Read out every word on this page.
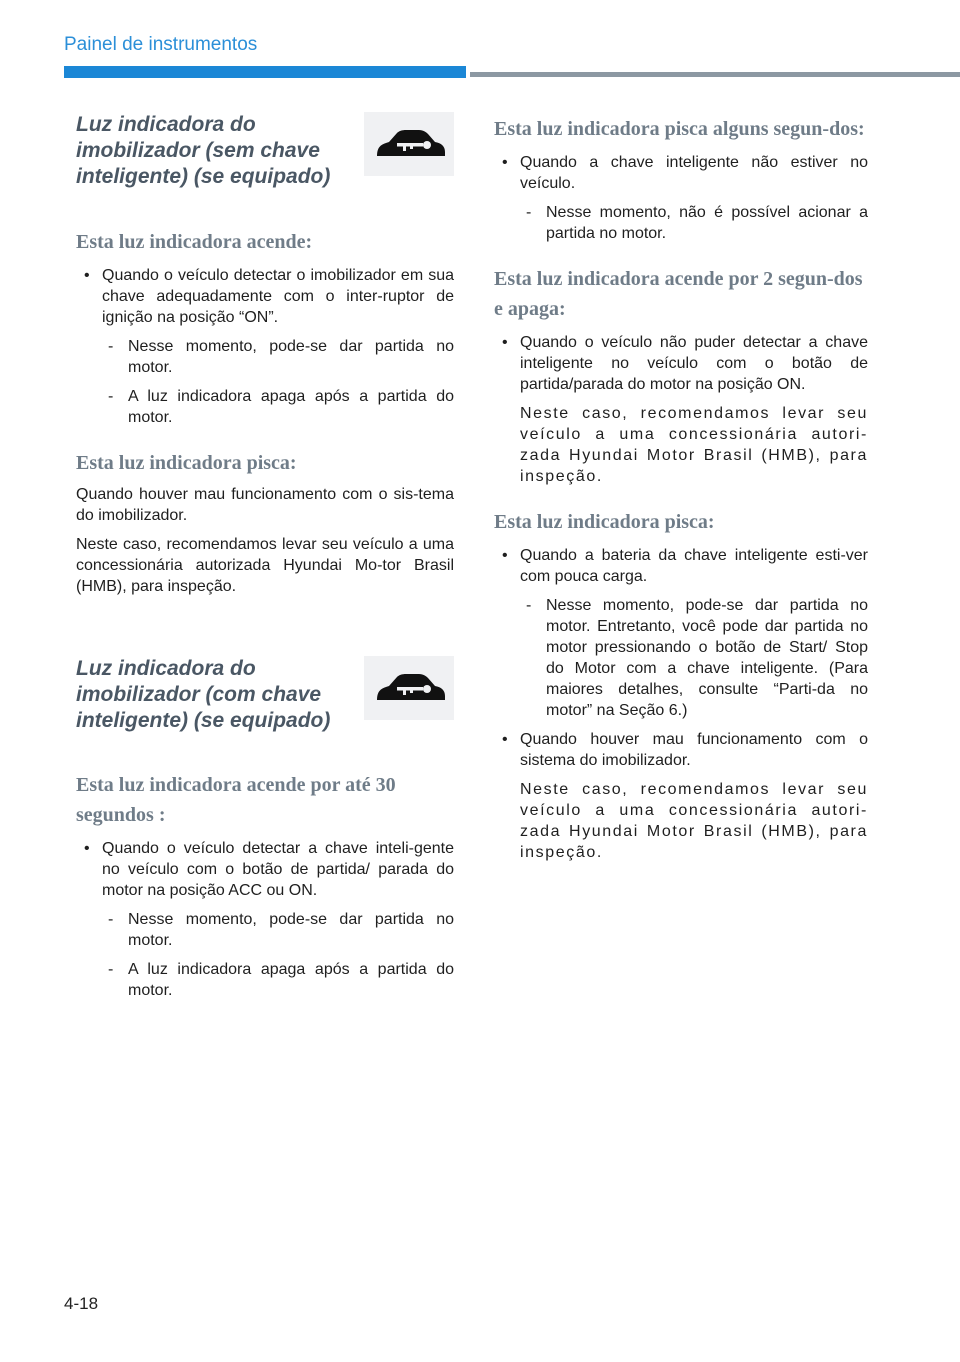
Painel de instrumentos
Luz indicadora do imobilizador (sem chave inteligente) (se equipado)

Esta luz indicadora acende:

• Quando o veículo detectar o imobilizador em sua chave adequadamente com o inter-ruptor de ignição na posição “ON”.

- Nesse momento, pode-se dar partida no motor.

- A luz indicadora apaga após a partida do motor.

Esta luz indicadora pisca:

Quando houver mau funcionamento com o sis-tema do imobilizador.

Neste caso, recomendamos levar seu veículo a uma concessionária autorizada Hyundai Mo-tor Brasil (HMB), para inspeção.

Luz indicadora do imobilizador (com chave inteligente) (se equipado)

Esta luz indicadora acende por até 30 segundos :

• Quando o veículo detectar a chave inteli-gente no veículo com o botão de partida/ parada do motor na posição ACC ou ON.

- Nesse momento, pode-se dar partida no motor.

- A luz indicadora apaga após a partida do motor.

Esta luz indicadora pisca alguns segun-dos:

• Quando a chave inteligente não estiver no veículo.

- Nesse momento, não é possível acionar a partida no motor.

Esta luz indicadora acende por 2 segun-dos e apaga:

• Quando o veículo não puder detectar a chave inteligente no veículo com o botão de partida/parada do motor na posição ON.

Neste caso, recomendamos levar seu veículo a uma concessionária autori-zada Hyundai Motor Brasil (HMB), para inspeção.

Esta luz indicadora pisca:

• Quando a bateria da chave inteligente esti-ver com pouca carga.

- Nesse momento, pode-se dar partida no motor. Entretanto, você pode dar partida no motor pressionando o botão de Start/ Stop do Motor com a chave inteligente. (Para maiores detalhes, consulte “Parti-da no motor” na Seção 6.)

• Quando houver mau funcionamento com o sistema do imobilizador.

Neste caso, recomendamos levar seu veículo a uma concessionária autori-zada Hyundai Motor Brasil (HMB), para inspeção.

4-18
